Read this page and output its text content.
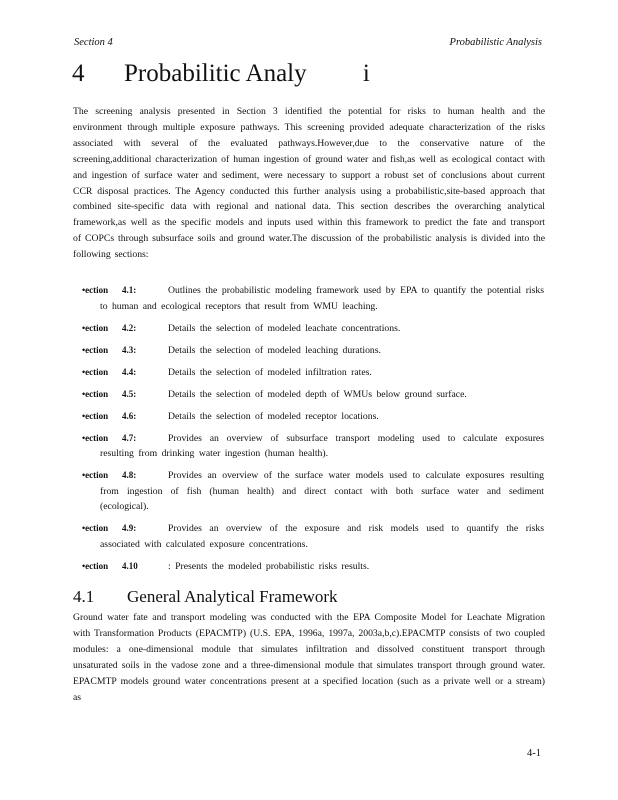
Section 4	Probabilistic Analysis
4 Probabilitic Analy         i

The screening analysis presented in Section 3 identified the potential for risks to human health and the environment through multiple exposure pathways. This screening provided adequate characterization of the risks associated with several of the evaluated pathways.However,due to the conservative nature of the screening,additional characterization of human ingestion of ground water and fish,as well as ecological contact with and ingestion of surface water and sediment, were necessary to support a robust set of conclusions about current CCR disposal practices. The Agency conducted this further analysis using a probabilistic,site-based approach that combined site-specific data with regional and national data. This section describes the overarching analytical framework,as well as the specific models and inputs used within this framework to predict the fate and transport of COPCs through subsurface soils and ground water.The discussion of the probabilistic analysis is divided into the following sections:

•ection 4.1:	Outlines the probabilistic modeling framework used by EPA to quantify the potential risks to human and ecological receptors that result from WMU leaching.
•ection 4.2:	Details the selection of modeled leachate concentrations.
•ection 4.3:	Details the selection of modeled leaching durations.
•ection 4.4:	Details the selection of modeled infiltration rates.
•ection 4.5:	Details the selection of modeled depth of WMUs below ground surface.
•ection 4.6:	Details the selection of modeled receptor locations.
•ection 4.7:	Provides an overview of subsurface transport modeling used to calculate exposures resulting from drinking water ingestion (human health).
•ection 4.8:	Provides an overview of the surface water models used to calculate exposures resulting from ingestion of fish (human health) and direct contact with both surface water and sediment (ecological).
•ection 4.9:	Provides an overview of the exposure and risk models used to quantify the risks associated with calculated exposure concentrations.
•ection 4.10	: Presents the modeled probabilistic risks results.
4.1 General Analytical Framework

Ground water fate and transport modeling was conducted with the EPA Composite Model for Leachate Migration with Transformation Products (EPACMTP) (U.S. EPA, 1996a, 1997a, 2003a,b,c).EPACMTP consists of two coupled modules: a one-dimensional module that simulates infiltration and dissolved constituent transport through unsaturated soils in the vadose zone and a three-dimensional module that simulates transport through ground water. EPACMTP models ground water concentrations present at a specified location (such as a private well or a stream) as

4-1
